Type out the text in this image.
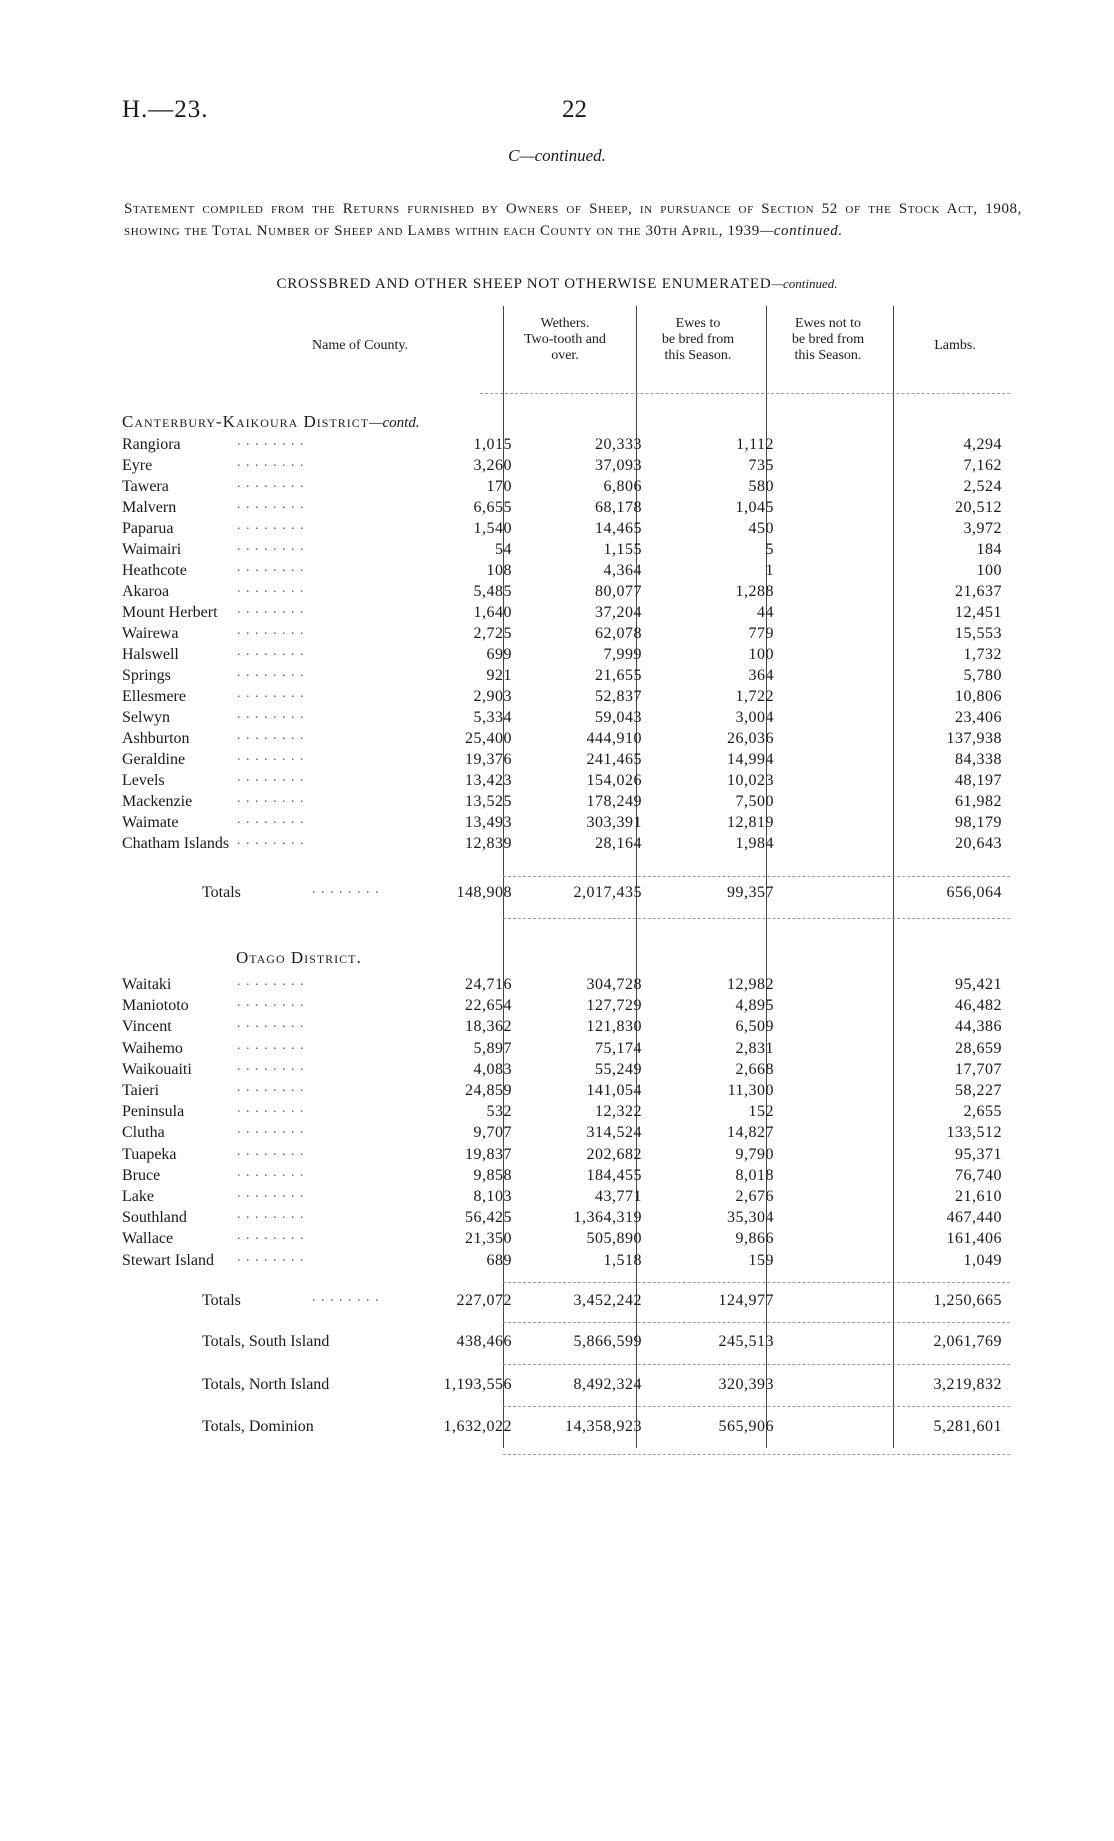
H.—23.	22
C—continued.
Statement compiled from the Returns furnished by Owners of Sheep, in pursuance of Section 52 of the Stock Act, 1908, showing the Total Number of Sheep and Lambs within each County on the 30th April, 1939—continued.
CROSSBRED AND OTHER SHEEP NOT OTHERWISE ENUMERATED—continued.
Name of County.
Wethers.
Two-tooth and
over.
Ewes to
be bred from
this Season.
Ewes not to
be bred from
this Season.
Lambs.
Canterbury-Kaikoura District—contd.
Rangiora	. . . . . . . .	1,015	20,333	1,112	4,294
Eyre	. . . . . . . .	3,260	37,093	735	7,162
Tawera	. . . . . . . .	170	6,806	580	2,524
Malvern	. . . . . . . .	6,655	68,178	1,045	20,512
Paparua	. . . . . . . .	1,540	14,465	450	3,972
Waimairi	. . . . . . . .	54	1,155	5	184
Heathcote	. . . . . . . .	108	4,364	1	100
Akaroa	. . . . . . . .	5,485	80,077	1,288	21,637
Mount Herbert . . . . . . . .	1,640	37,204	44	12,451
Wairewa	. . . . . . . .	2,725	62,078	779	15,553
Halswell	. . . . . . . .	699	7,999	100	1,732
Springs	. . . . . . . .	921	21,655	364	5,780
Ellesmere	. . . . . . . .	2,903	52,837	1,722	10,806
Selwyn	. . . . . . . .	5,334	59,043	3,004	23,406
Ashburton	. . . . . . . .	25,400	444,910	26,036	137,938
Geraldine	. . . . . . . .	19,376	241,465	14,994	84,338
Levels	. . . . . . . .	13,423	154,026	10,023	48,197
Mackenzie	. . . . . . . .	13,525	178,249	7,500	61,982
Waimate	. . . . . . . .	13,493	303,391	12,819	98,179
Chatham Islands . . . . . . . .	12,839	28,164	1,984	20,643
Totals	. . . . . . . .	148,908	2,017,435	99,357	656,064
Otago District.
Waitaki	. . . . . . . .	24,716	304,728	12,982	95,421
Maniototo	. . . . . . . .	22,654	127,729	4,895	46,482
Vincent	. . . . . . . .	18,362	121,830	6,509	44,386
Waihemo	. . . . . . . .	5,897	75,174	2,831	28,659
Waikouaiti	. . . . . . . .	4,083	55,249	2,668	17,707
Taieri	. . . . . . . .	24,859	141,054	11,300	58,227
Peninsula	. . . . . . . .	532	12,322	152	2,655
Clutha	. . . . . . . .	9,707	314,524	14,827	133,512
Tuapeka	. . . . . . . .	19,837	202,682	9,790	95,371
Bruce	. . . . . . . .	9,858	184,455	8,018	76,740
Lake	. . . . . . . .	8,103	43,771	2,676	21,610
Southland	. . . . . . . .	56,425	1,364,319	35,304	467,440
Wallace	. . . . . . . .	21,350	505,890	9,866	161,406
Stewart Island . . . . . . . .	689	1,518	159	1,049
Totals	. . . . . . . .	227,072	3,452,242	124,977	1,250,665
Totals, South Island	438,466	5,866,599	245,513	2,061,769
Totals, North Island	1,193,556	8,492,324	320,393	3,219,832
Totals, Dominion	1,632,022	14,358,923	565,906	5,281,601
